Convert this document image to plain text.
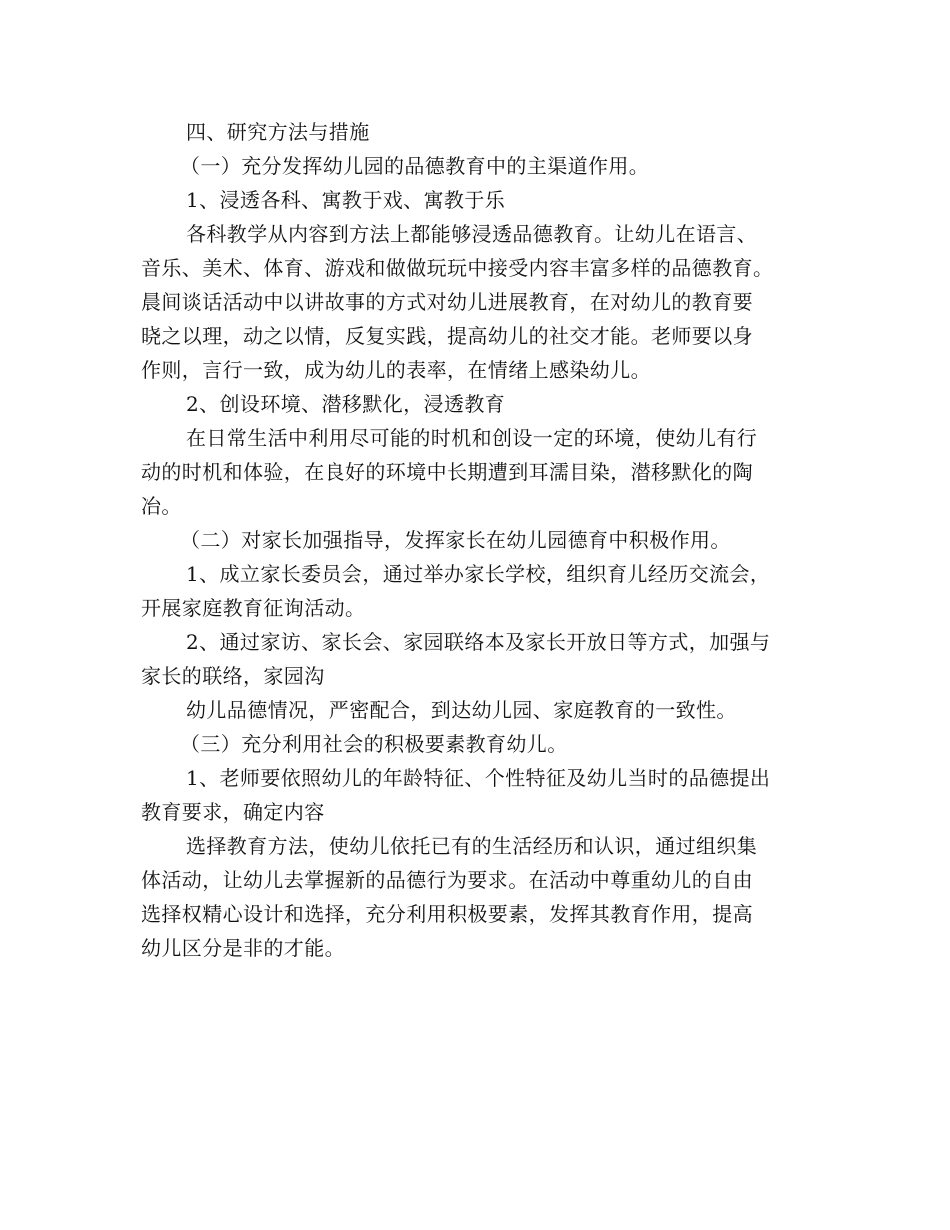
四、研究方法与措施
（一）充分发挥幼儿园的品德教育中的主渠道作用。
1、浸透各科、寓教于戏、寓教于乐
各科教学从内容到方法上都能够浸透品德教育。让幼儿在语言、
音乐、美术、体育、游戏和做做玩玩中接受内容丰富多样的品德教育。
晨间谈话活动中以讲故事的方式对幼儿进展教育，在对幼儿的教育要
晓之以理，动之以情，反复实践，提高幼儿的社交才能。老师要以身
作则，言行一致，成为幼儿的表率，在情绪上感染幼儿。
2、创设环境、潜移默化，浸透教育
在日常生活中利用尽可能的时机和创设一定的环境，使幼儿有行
动的时机和体验，在良好的环境中长期遭到耳濡目染，潜移默化的陶
冶。
（二）对家长加强指导，发挥家长在幼儿园德育中积极作用。
1、成立家长委员会，通过举办家长学校，组织育儿经历交流会，
开展家庭教育征询活动。
2、通过家访、家长会、家园联络本及家长开放日等方式，加强与
家长的联络，家园沟
幼儿品德情况，严密配合，到达幼儿园、家庭教育的一致性。
（三）充分利用社会的积极要素教育幼儿。
1、老师要依照幼儿的年龄特征、个性特征及幼儿当时的品德提出
教育要求，确定内容
选择教育方法，使幼儿依托已有的生活经历和认识，通过组织集
体活动，让幼儿去掌握新的品德行为要求。在活动中尊重幼儿的自由
选择权精心设计和选择，充分利用积极要素，发挥其教育作用，提高
幼儿区分是非的才能。
